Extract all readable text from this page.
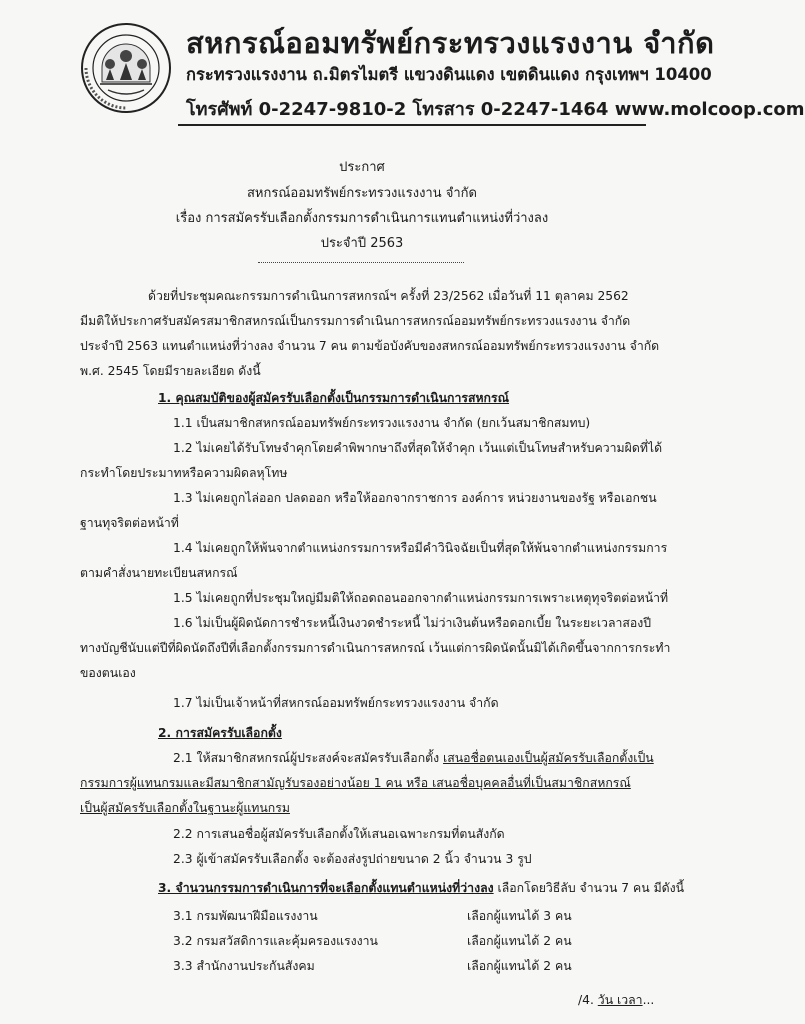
สหกรณ์ออมทรัพย์กระทรวงแรงงาน จำกัด
กระทรวงแรงงาน ถ.มิตรไมตรี แขวงดินแดง เขตดินแดง กรุงเทพฯ 10400
โทรศัพท์ 0-2247-9810-2 โทรสาร 0-2247-1464 www.molcoop.com
ประกาศ
สหกรณ์ออมทรัพย์กระทรวงแรงงาน จำกัด
เรื่อง การสมัครรับเลือกตั้งกรรมการดำเนินการแทนตำแหน่งที่ว่างลง
ประจำปี 2563
ด้วยที่ประชุมคณะกรรมการดำเนินการสหกรณ์ฯ ครั้งที่ 23/2562 เมื่อวันที่ 11 ตุลาคม 2562
มีมติให้ประกาศรับสมัครสมาชิกสหกรณ์เป็นกรรมการดำเนินการสหกรณ์ออมทรัพย์กระทรวงแรงงาน จำกัด
ประจำปี 2563 แทนตำแหน่งที่ว่างลง จำนวน 7 คน ตามข้อบังคับของสหกรณ์ออมทรัพย์กระทรวงแรงงาน จำกัด
พ.ศ. 2545 โดยมีรายละเอียด ดังนี้
1. คุณสมบัติของผู้สมัครรับเลือกตั้งเป็นกรรมการดำเนินการสหกรณ์
1.1 เป็นสมาชิกสหกรณ์ออมทรัพย์กระทรวงแรงงาน จำกัด (ยกเว้นสมาชิกสมทบ)
1.2 ไม่เคยได้รับโทษจำคุกโดยคำพิพากษาถึงที่สุดให้จำคุก เว้นแต่เป็นโทษสำหรับความผิดที่ได้
กระทำโดยประมาทหรือความผิดลหุโทษ
1.3 ไม่เคยถูกไล่ออก ปลดออก หรือให้ออกจากราชการ องค์การ หน่วยงานของรัฐ หรือเอกชน
ฐานทุจริตต่อหน้าที่
1.4 ไม่เคยถูกให้พ้นจากตำแหน่งกรรมการหรือมีคำวินิจฉัยเป็นที่สุดให้พ้นจากตำแหน่งกรรมการ
ตามคำสั่งนายทะเบียนสหกรณ์
1.5 ไม่เคยถูกที่ประชุมใหญ่มีมติให้ถอดถอนออกจากตำแหน่งกรรมการเพราะเหตุทุจริตต่อหน้าที่
1.6 ไม่เป็นผู้ผิดนัดการชำระหนี้เงินงวดชำระหนี้ ไม่ว่าเงินต้นหรือดอกเบี้ย ในระยะเวลาสองปี
ทางบัญชีนับแต่ปีที่ผิดนัดถึงปีที่เลือกตั้งกรรมการดำเนินการสหกรณ์ เว้นแต่การผิดนัดนั้นมิได้เกิดขึ้นจากการกระทำ
ของตนเอง
1.7 ไม่เป็นเจ้าหน้าที่สหกรณ์ออมทรัพย์กระทรวงแรงงาน จำกัด
2. การสมัครรับเลือกตั้ง
2.1 ให้สมาชิกสหกรณ์ผู้ประสงค์จะสมัครรับเลือกตั้ง เสนอชื่อตนเองเป็นผู้สมัครรับเลือกตั้งเป็น
กรรมการผู้แทนกรมและมีสมาชิกสามัญรับรองอย่างน้อย 1 คน หรือ เสนอชื่อบุคคลอื่นที่เป็นสมาชิกสหกรณ์
เป็นผู้สมัครรับเลือกตั้งในฐานะผู้แทนกรม
2.2 การเสนอชื่อผู้สมัครรับเลือกตั้งให้เสนอเฉพาะกรมที่ตนสังกัด
2.3 ผู้เข้าสมัครรับเลือกตั้ง จะต้องส่งรูปถ่ายขนาด 2 นิ้ว จำนวน 3 รูป
3. จำนวนกรรมการดำเนินการที่จะเลือกตั้งแทนตำแหน่งที่ว่างลง เลือกโดยวิธีลับ จำนวน 7 คน มีดังนี้
3.1 กรมพัฒนาฝีมือแรงงาน	เลือกผู้แทนได้ 3 คน
3.2 กรมสวัสดิการและคุ้มครองแรงงาน	เลือกผู้แทนได้ 2 คน
3.3 สำนักงานประกันสังคม	เลือกผู้แทนได้ 2 คน
/4. วัน เวลา...
